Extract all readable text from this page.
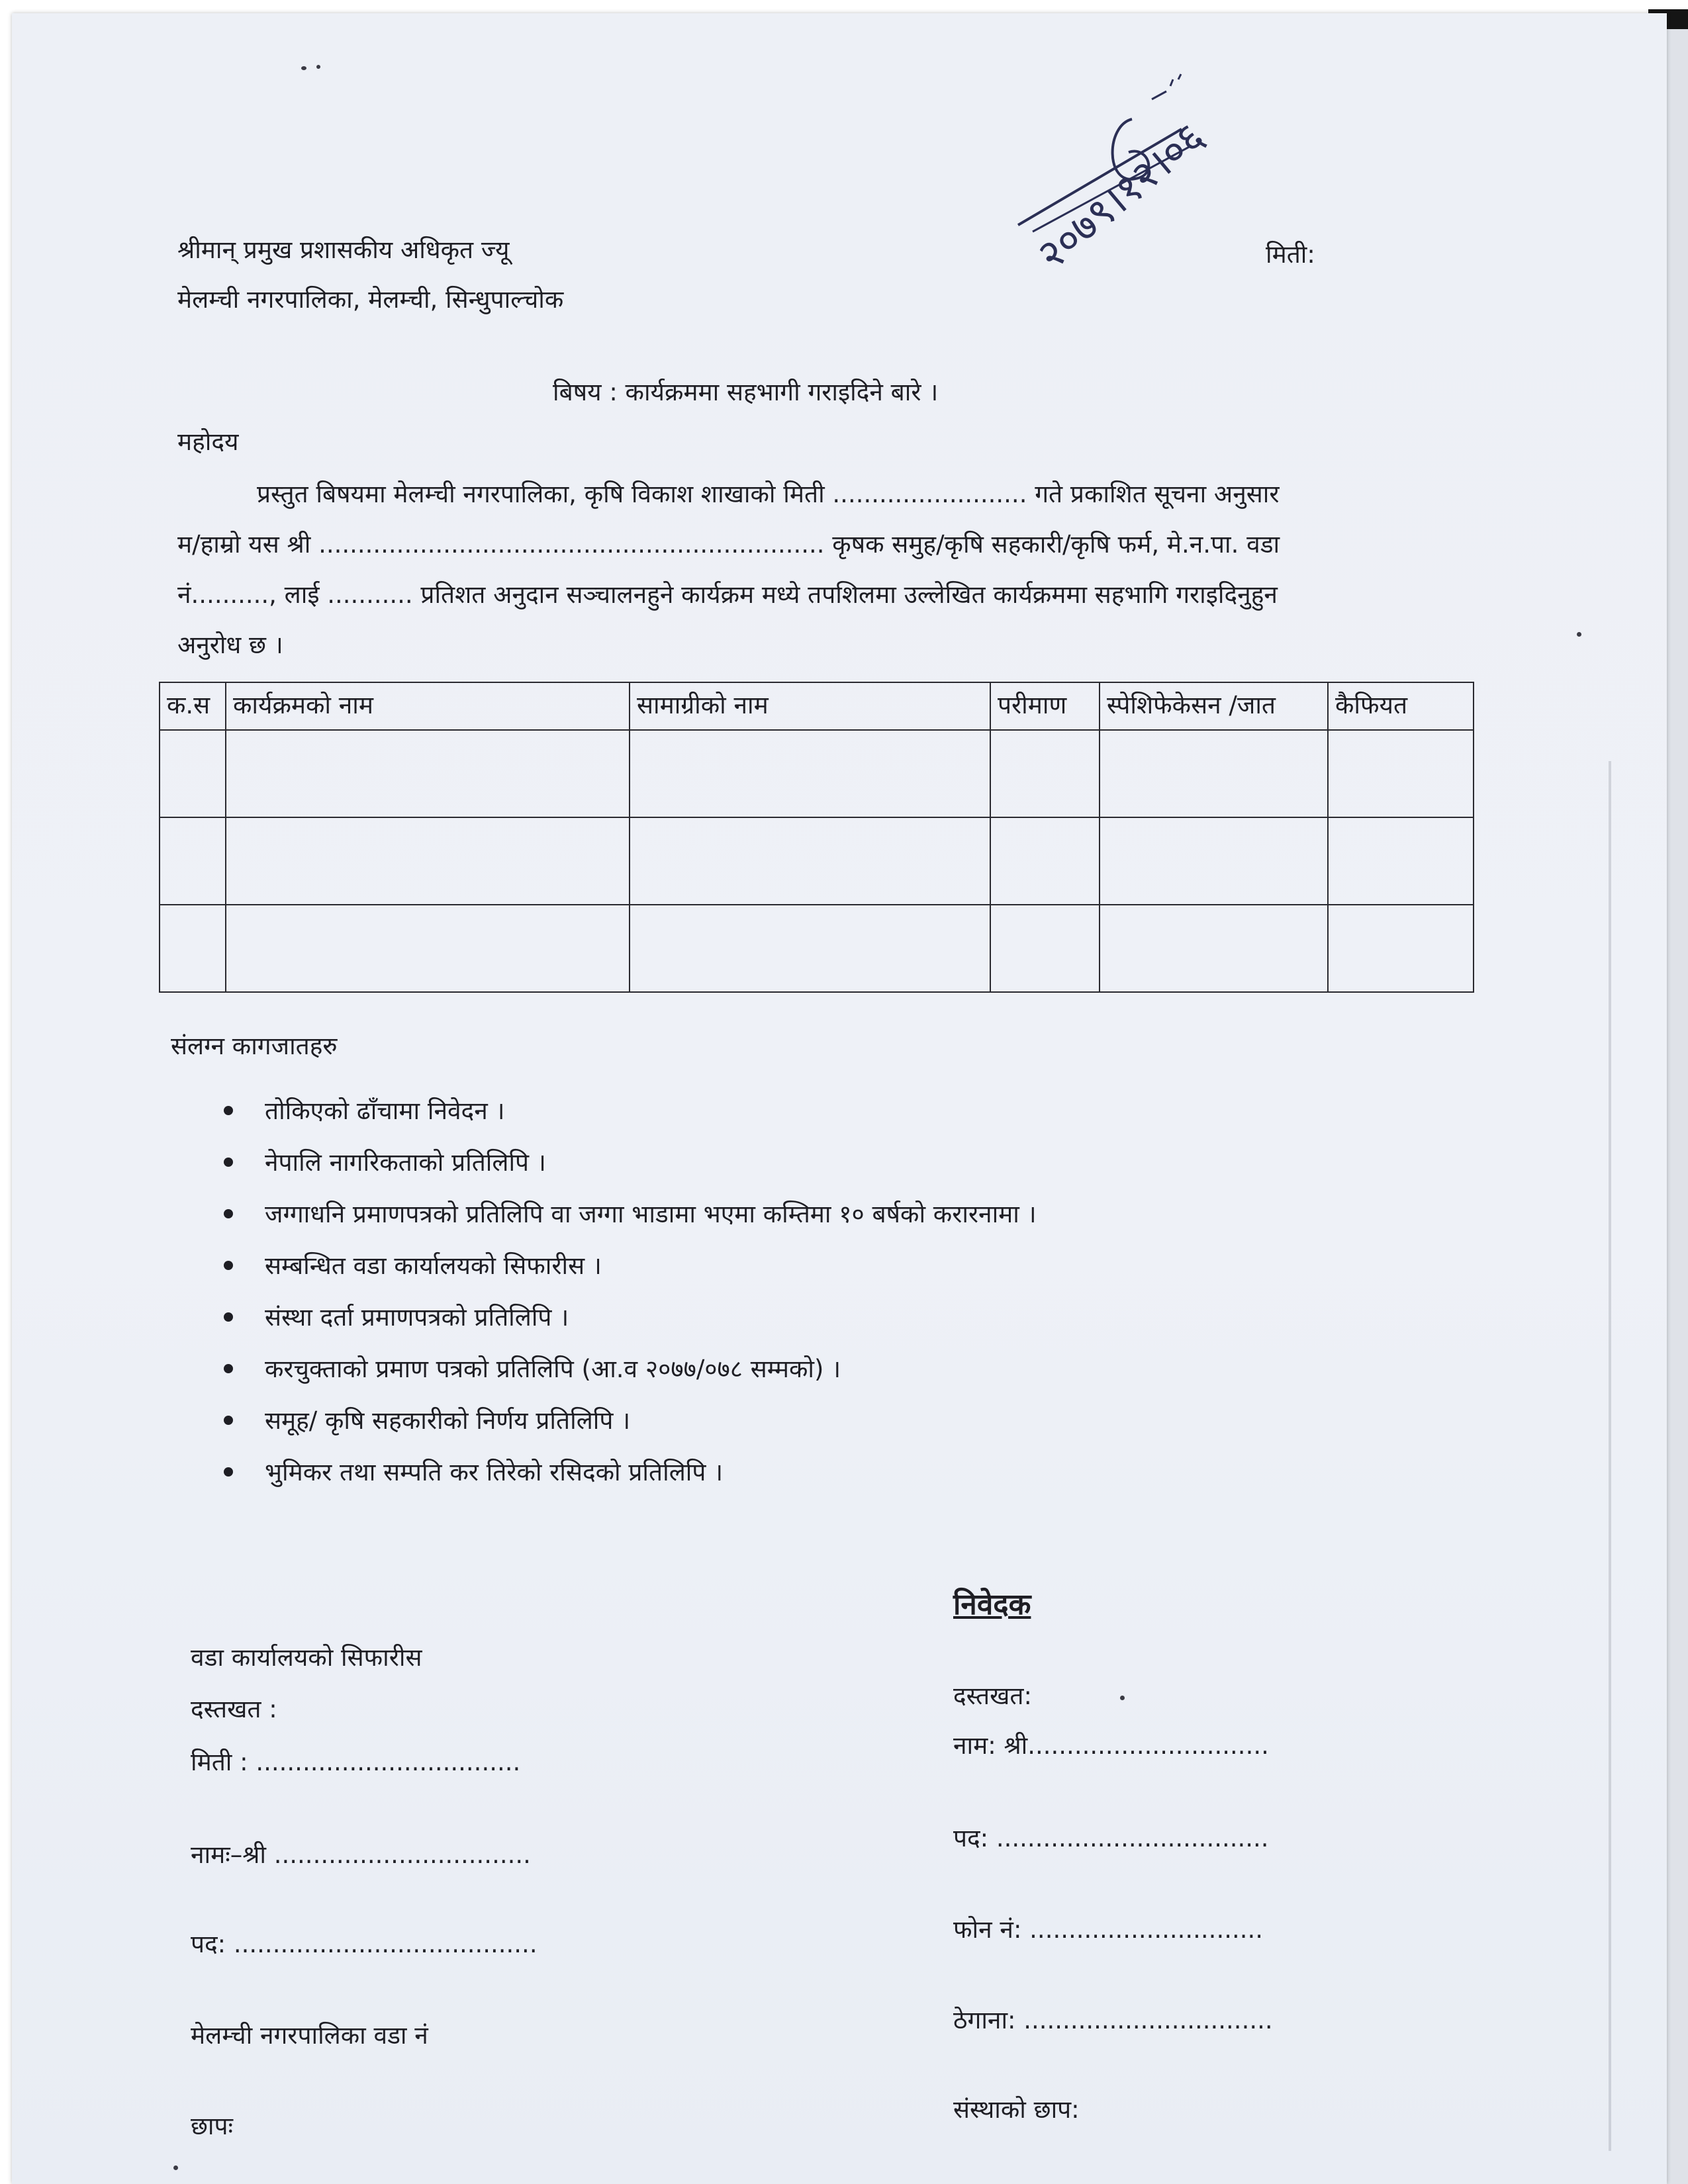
२०७९।१२।०६
श्रीमान् प्रमुख प्रशासकीय अधिकृत ज्यू
मेलम्ची नगरपालिका, मेलम्ची, सिन्धुपाल्चोक
मिती:
बिषय : कार्यक्रममा सहभागी गराइदिने बारे ।
महोदय
प्रस्तुत बिषयमा मेलम्ची नगरपालिका, कृषि विकाश शाखाको मिती ......................... गते प्रकाशित सूचना अनुसार
म/हाम्रो यस श्री ................................................................. कृषक समुह/कृषि सहकारी/कृषि फर्म, मे.न.पा. वडा
नं.........., लाई ........... प्रतिशत अनुदान सञ्चालनहुने कार्यक्रम मध्ये तपशिलमा उल्लेखित कार्यक्रममा सहभागि गराइदिनुहुन
अनुरोध छ ।
क.स	कार्यक्रमको नाम	सामाग्रीको नाम	परीमाण	स्पेशिफेकेसन /जात	कैफियत

संलग्न कागजातहरु
तोकिएको ढाँचामा निवेदन ।
नेपालि नागरिकताको प्रतिलिपि ।
जग्गाधनि प्रमाणपत्रको प्रतिलिपि वा जग्गा भाडामा भएमा कम्तिमा १० बर्षको करारनामा ।
सम्बन्धित वडा कार्यालयको सिफारीस ।
संस्था दर्ता प्रमाणपत्रको प्रतिलिपि ।
करचुक्ताको प्रमाण पत्रको प्रतिलिपि (आ.व २०७७/०७८ सम्मको) ।
समूह/ कृषि सहकारीको निर्णय प्रतिलिपि ।
भुमिकर तथा सम्पति कर तिरेको रसिदको प्रतिलिपि ।
निवेदक
दस्तखत:
नाम: श्री...............................
पद: ...................................
फोन नं: ..............................
ठेगाना: ................................
संस्थाको छाप:
वडा कार्यालयको सिफारीस
दस्तखत :
मिती : ..................................
नामः–श्री .................................
पद: .......................................
मेलम्ची नगरपालिका वडा नं
छापः
